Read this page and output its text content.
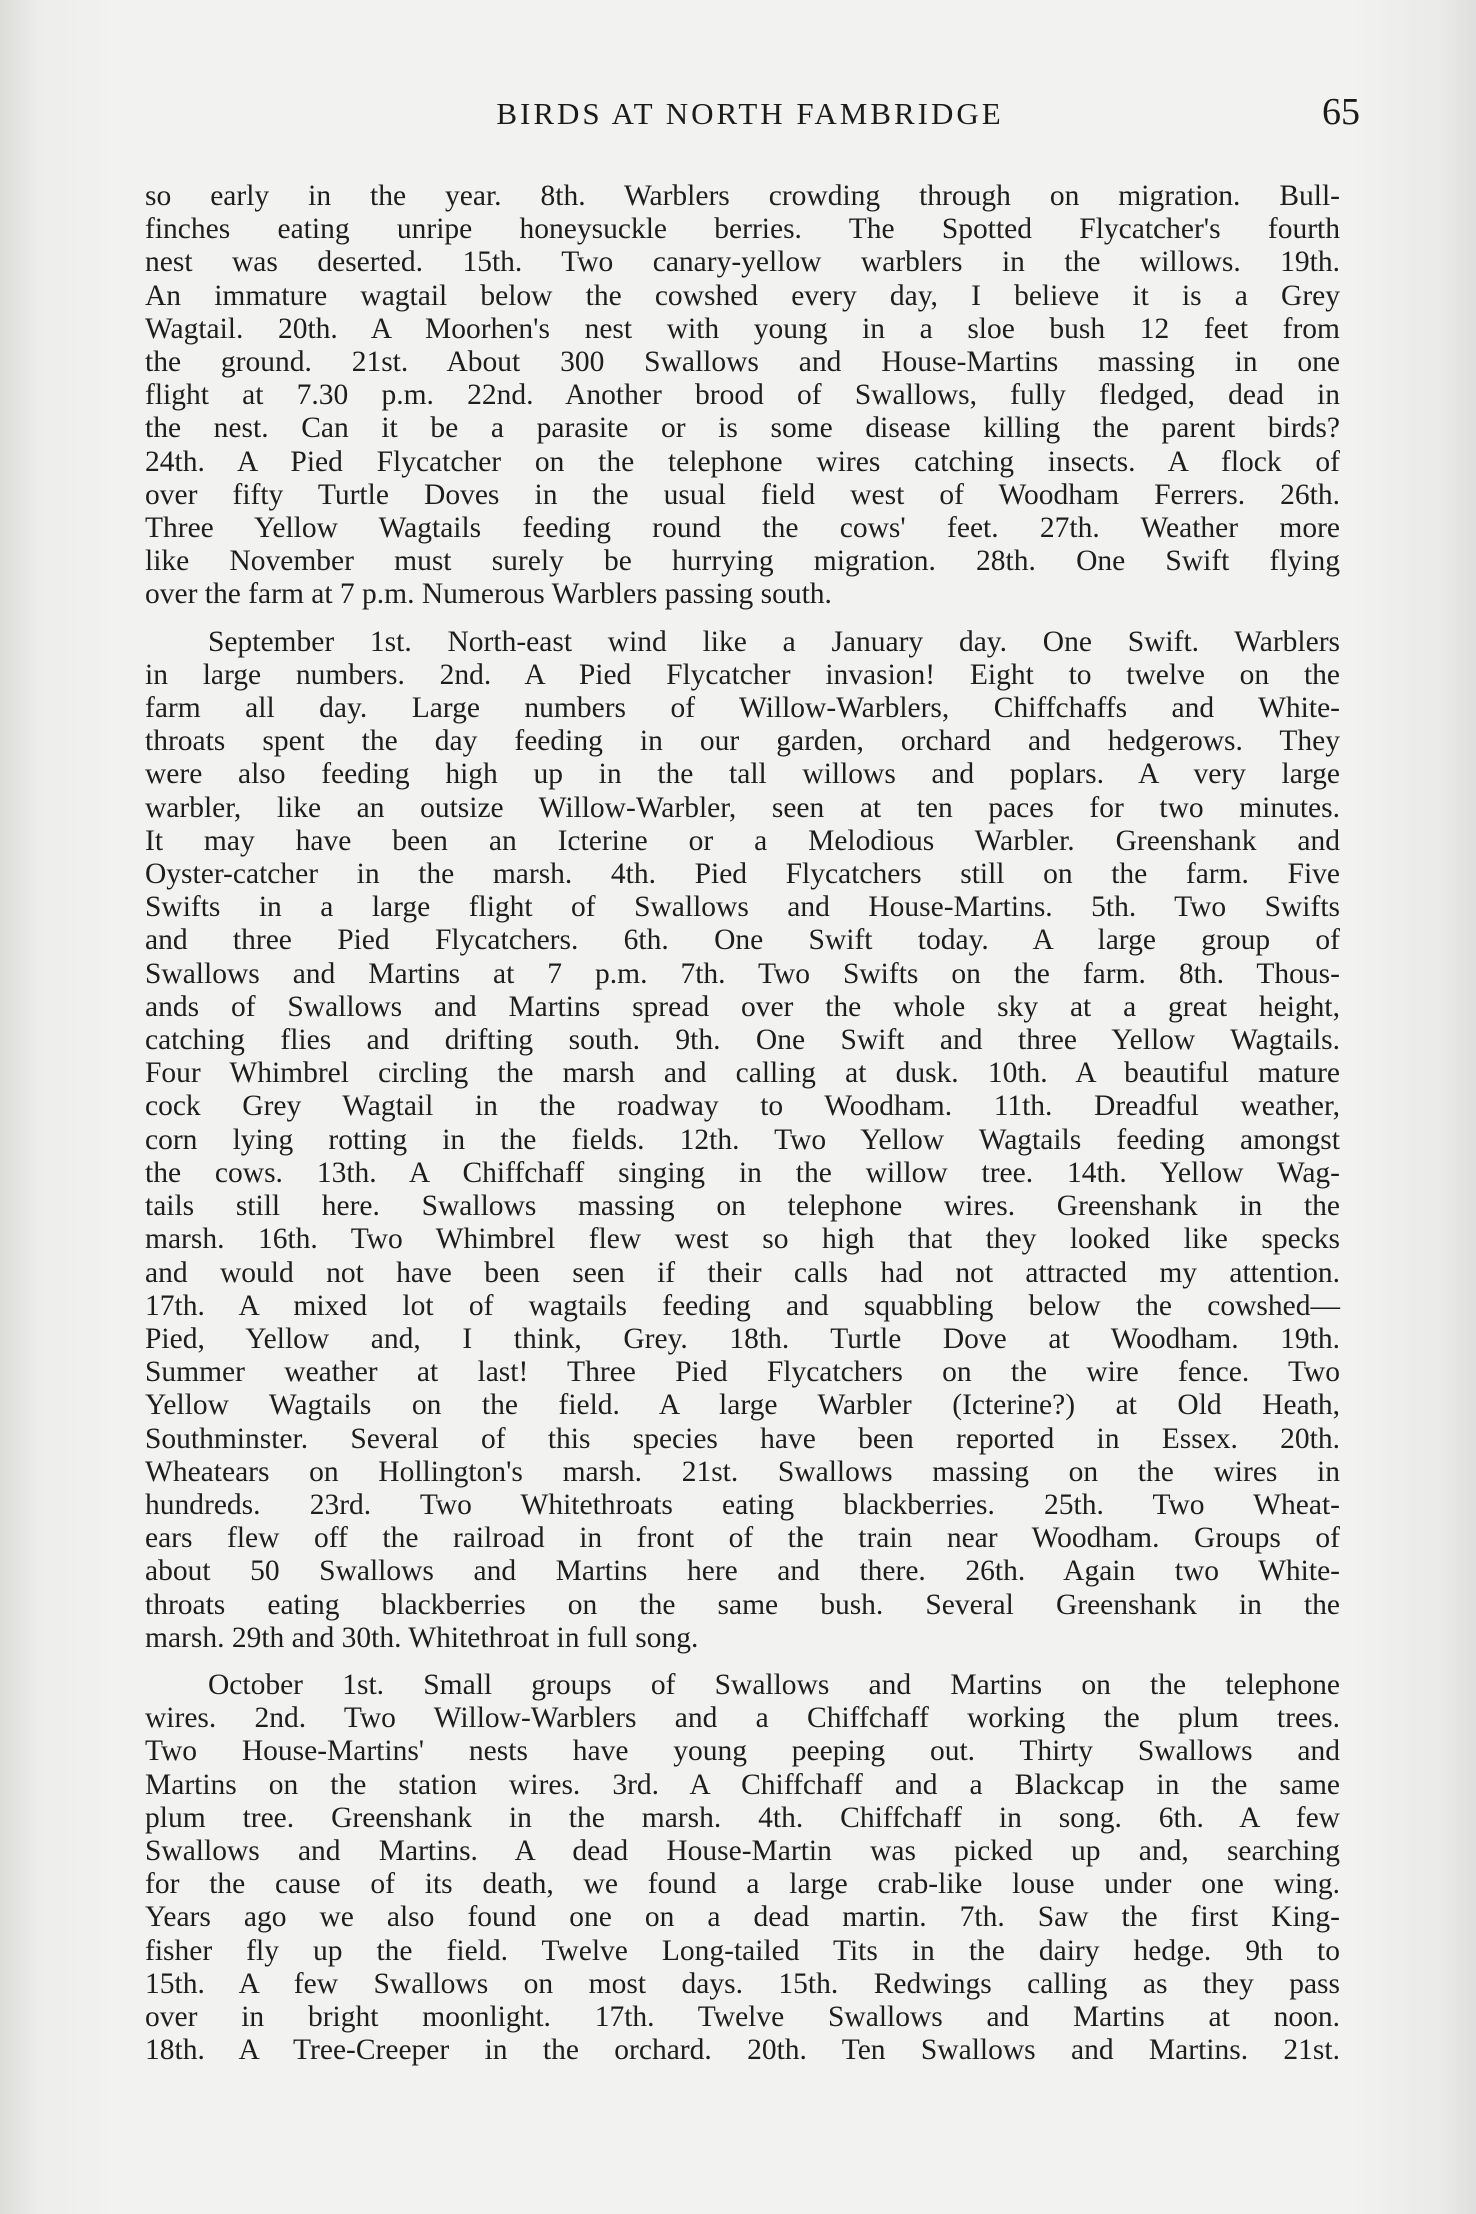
BIRDS AT NORTH FAMBRIDGE	65
so early in the year. 8th. Warblers crowding through on migration. Bull-
finches eating unripe honeysuckle berries. The Spotted Flycatcher's fourth
nest was deserted. 15th. Two canary-yellow warblers in the willows. 19th.
An immature wagtail below the cowshed every day, I believe it is a Grey
Wagtail. 20th. A Moorhen's nest with young in a sloe bush 12 feet from
the ground. 21st. About 300 Swallows and House-Martins massing in one
flight at 7.30 p.m. 22nd. Another brood of Swallows, fully fledged, dead in
the nest. Can it be a parasite or is some disease killing the parent birds?
24th. A Pied Flycatcher on the telephone wires catching insects. A flock of
over fifty Turtle Doves in the usual field west of Woodham Ferrers. 26th.
Three Yellow Wagtails feeding round the cows' feet. 27th. Weather more
like November must surely be hurrying migration. 28th. One Swift flying
over the farm at 7 p.m. Numerous Warblers passing south.
September 1st. North-east wind like a January day. One Swift. Warblers
in large numbers. 2nd. A Pied Flycatcher invasion! Eight to twelve on the
farm all day. Large numbers of Willow-Warblers, Chiffchaffs and White-
throats spent the day feeding in our garden, orchard and hedgerows. They
were also feeding high up in the tall willows and poplars. A very large
warbler, like an outsize Willow-Warbler, seen at ten paces for two minutes.
It may have been an Icterine or a Melodious Warbler. Greenshank and
Oyster-catcher in the marsh. 4th. Pied Flycatchers still on the farm. Five
Swifts in a large flight of Swallows and House-Martins. 5th. Two Swifts
and three Pied Flycatchers. 6th. One Swift today. A large group of
Swallows and Martins at 7 p.m. 7th. Two Swifts on the farm. 8th. Thous-
ands of Swallows and Martins spread over the whole sky at a great height,
catching flies and drifting south. 9th. One Swift and three Yellow Wagtails.
Four Whimbrel circling the marsh and calling at dusk. 10th. A beautiful mature
cock Grey Wagtail in the roadway to Woodham. 11th. Dreadful weather,
corn lying rotting in the fields. 12th. Two Yellow Wagtails feeding amongst
the cows. 13th. A Chiffchaff singing in the willow tree. 14th. Yellow Wag-
tails still here. Swallows massing on telephone wires. Greenshank in the
marsh. 16th. Two Whimbrel flew west so high that they looked like specks
and would not have been seen if their calls had not attracted my attention.
17th. A mixed lot of wagtails feeding and squabbling below the cowshed—
Pied, Yellow and, I think, Grey. 18th. Turtle Dove at Woodham. 19th.
Summer weather at last! Three Pied Flycatchers on the wire fence. Two
Yellow Wagtails on the field. A large Warbler (Icterine?) at Old Heath,
Southminster. Several of this species have been reported in Essex. 20th.
Wheatears on Hollington's marsh. 21st. Swallows massing on the wires in
hundreds. 23rd. Two Whitethroats eating blackberries. 25th. Two Wheat-
ears flew off the railroad in front of the train near Woodham. Groups of
about 50 Swallows and Martins here and there. 26th. Again two White-
throats eating blackberries on the same bush. Several Greenshank in the
marsh. 29th and 30th. Whitethroat in full song.
October 1st. Small groups of Swallows and Martins on the telephone
wires. 2nd. Two Willow-Warblers and a Chiffchaff working the plum trees.
Two House-Martins' nests have young peeping out. Thirty Swallows and
Martins on the station wires. 3rd. A Chiffchaff and a Blackcap in the same
plum tree. Greenshank in the marsh. 4th. Chiffchaff in song. 6th. A few
Swallows and Martins. A dead House-Martin was picked up and, searching
for the cause of its death, we found a large crab-like louse under one wing.
Years ago we also found one on a dead martin. 7th. Saw the first King-
fisher fly up the field. Twelve Long-tailed Tits in the dairy hedge. 9th to
15th. A few Swallows on most days. 15th. Redwings calling as they pass
over in bright moonlight. 17th. Twelve Swallows and Martins at noon.
18th. A Tree-Creeper in the orchard. 20th. Ten Swallows and Martins. 21st.
